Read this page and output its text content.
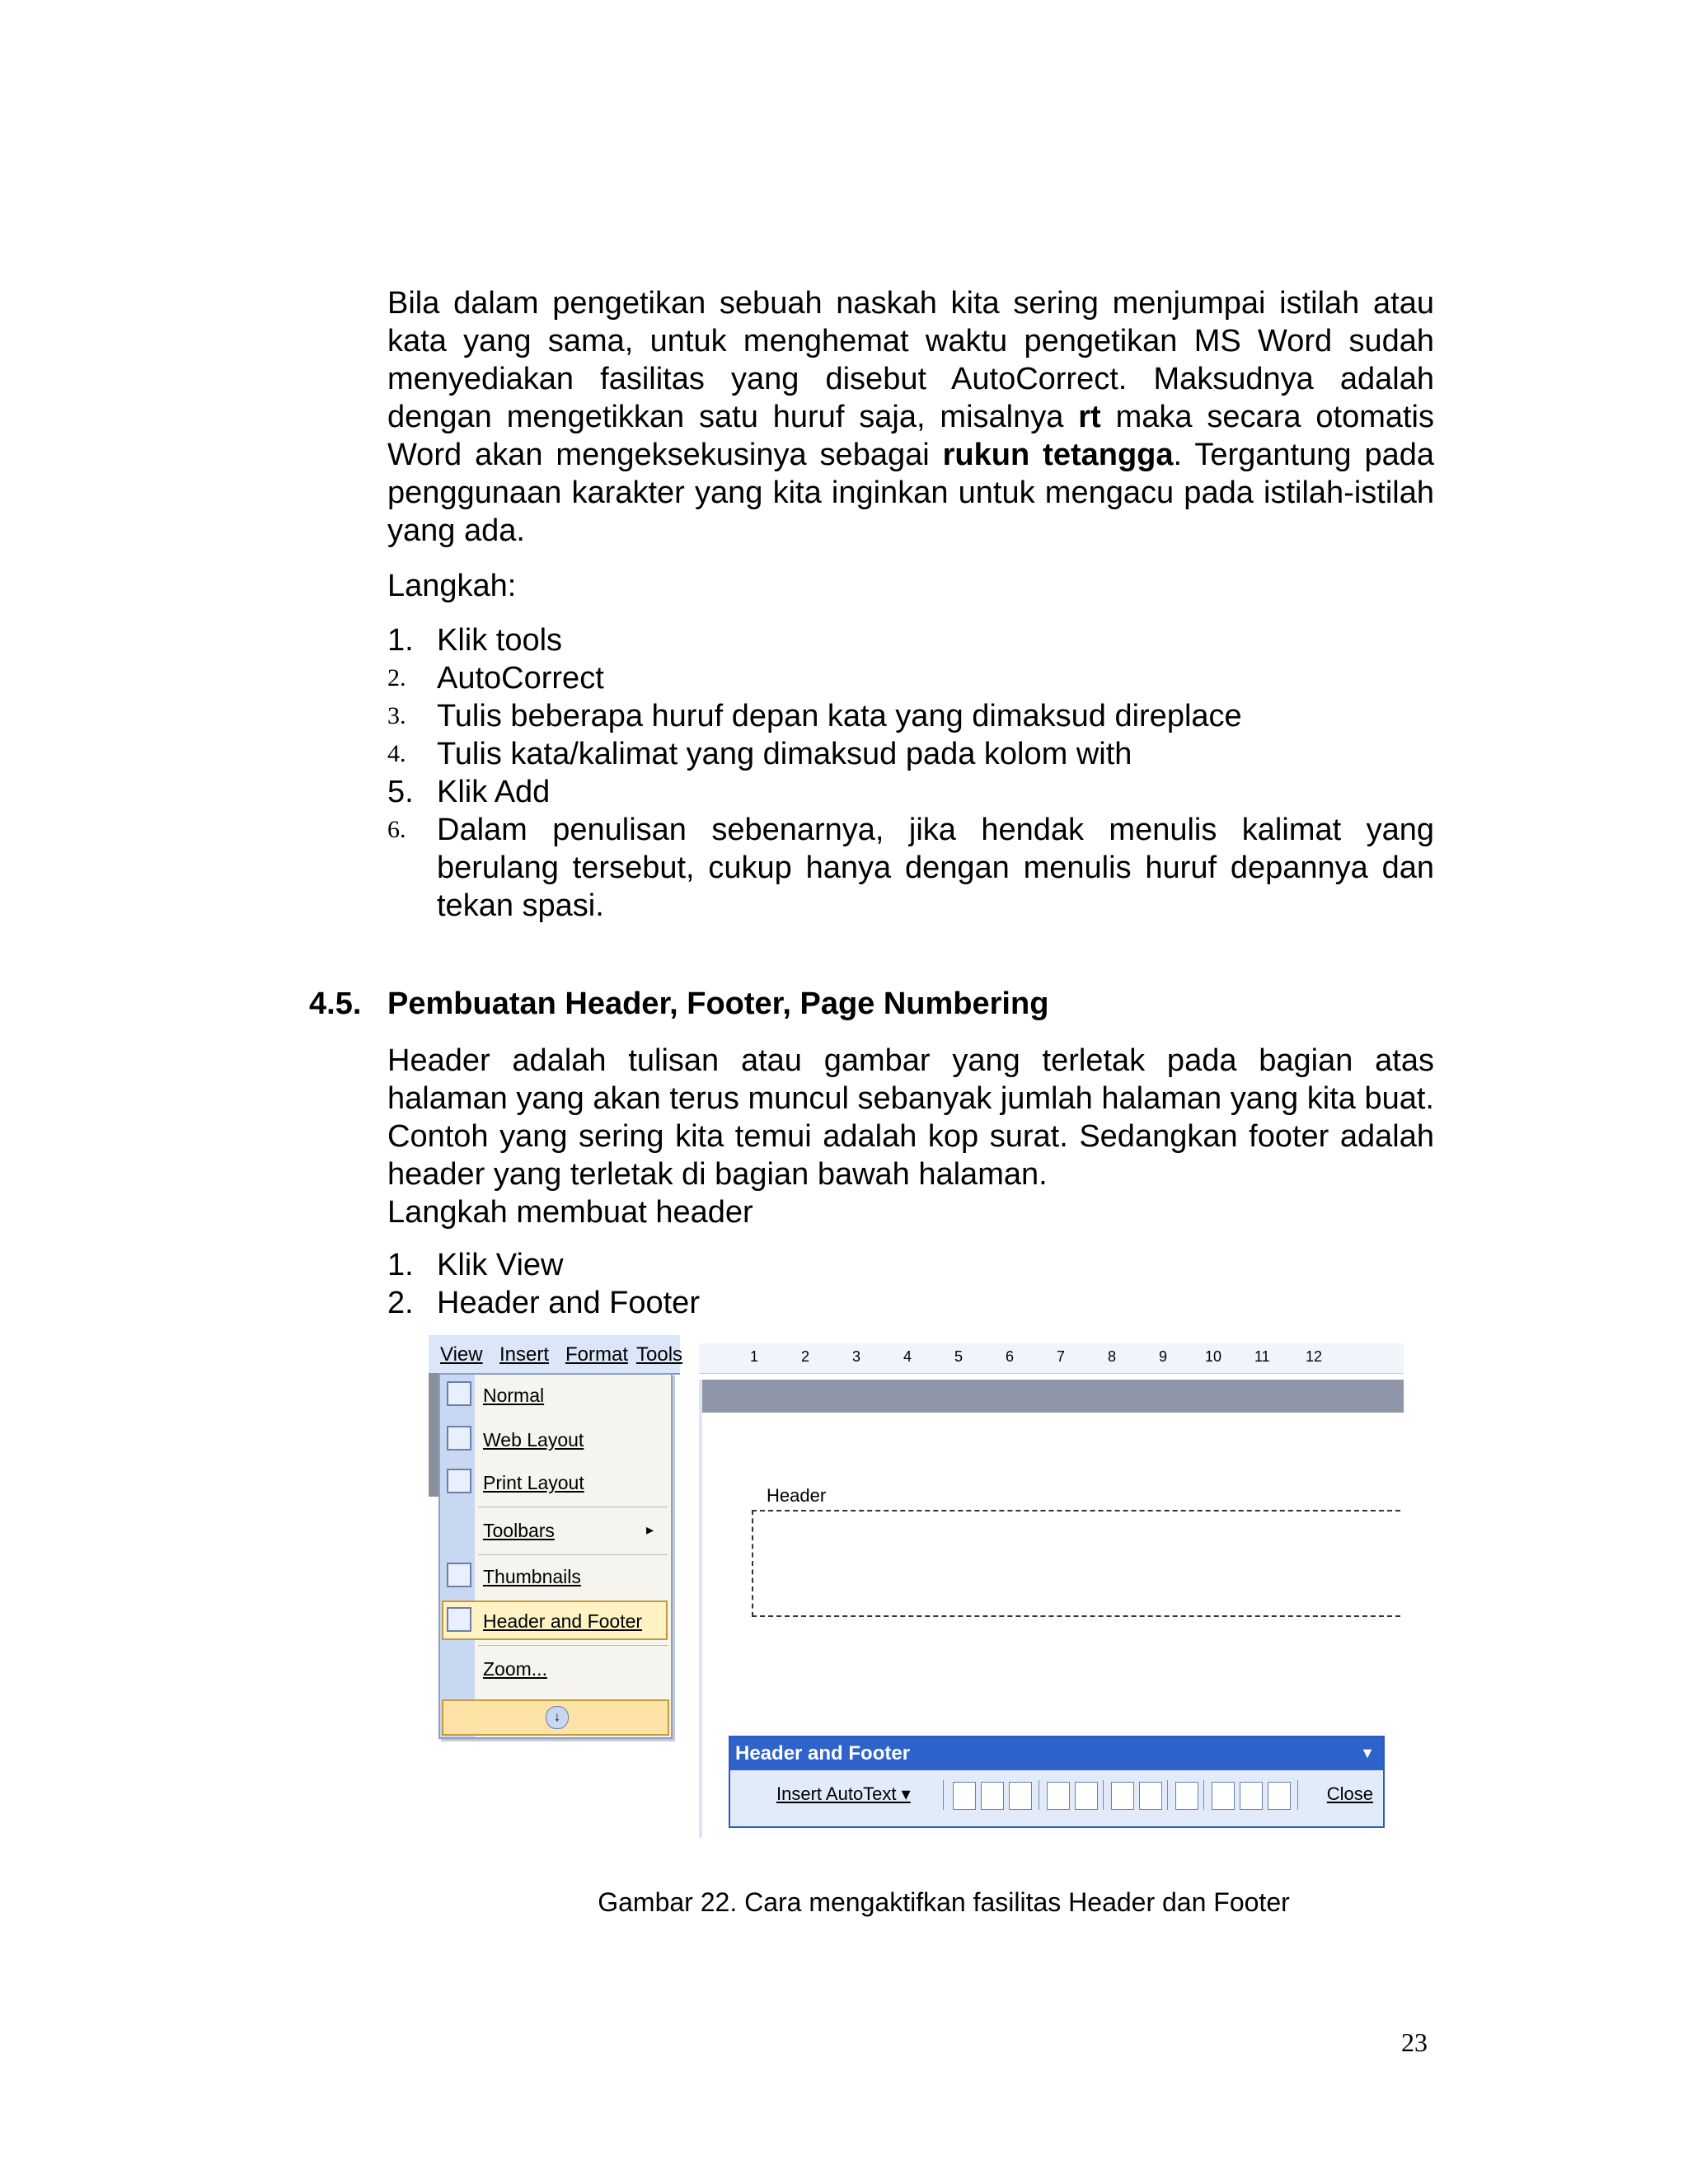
Bila dalam pengetikan sebuah naskah kita sering menjumpai istilah atau kata yang sama, untuk menghemat waktu pengetikan MS Word sudah menyediakan fasilitas yang disebut AutoCorrect. Maksudnya adalah dengan mengetikkan satu huruf saja, misalnya rt maka secara otomatis Word akan mengeksekusinya sebagai rukun tetangga. Tergantung pada penggunaan karakter yang kita inginkan untuk mengacu pada istilah-istilah yang ada.

Langkah:
1. Klik tools
2. AutoCorrect
3. Tulis beberapa huruf depan kata yang dimaksud direplace
4. Tulis kata/kalimat yang dimaksud pada kolom with
5. Klik Add
6. Dalam penulisan sebenarnya, jika hendak menulis kalimat yang berulang tersebut, cukup hanya dengan menulis huruf depannya dan tekan spasi.
4.5. Pembuatan Header, Footer, Page Numbering

Header adalah tulisan atau gambar yang terletak pada bagian atas halaman yang akan terus muncul sebanyak jumlah halaman yang kita buat. Contoh yang sering kita temui adalah kop surat. Sedangkan footer adalah header yang terletak di bagian bawah halaman.

Langkah membuat header
1. Klik View
2. Header and Footer
View Insert Format Tools
Normal
Web Layout
Print Layout
Toolbars	▸
Thumbnails
Header and Footer
Zoom...
↓
1	2	3	4	5	6	7	8	9	10 11 12
Header
Header and Footer	▼
Insert AutoText ▾	Close
Gambar 22. Cara mengaktifkan fasilitas Header dan Footer
23
